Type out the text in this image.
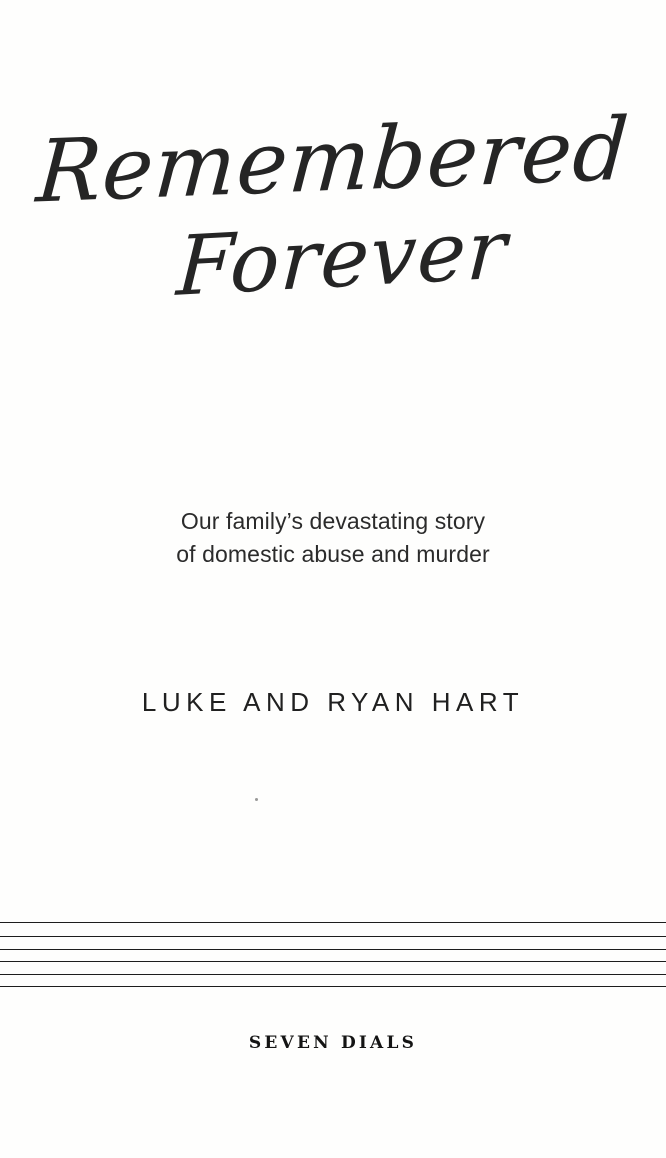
Remembered
Forever
Our family’s devastating story
of domestic abuse and murder
LUKE AND RYAN HART
SEVEN DIALS
